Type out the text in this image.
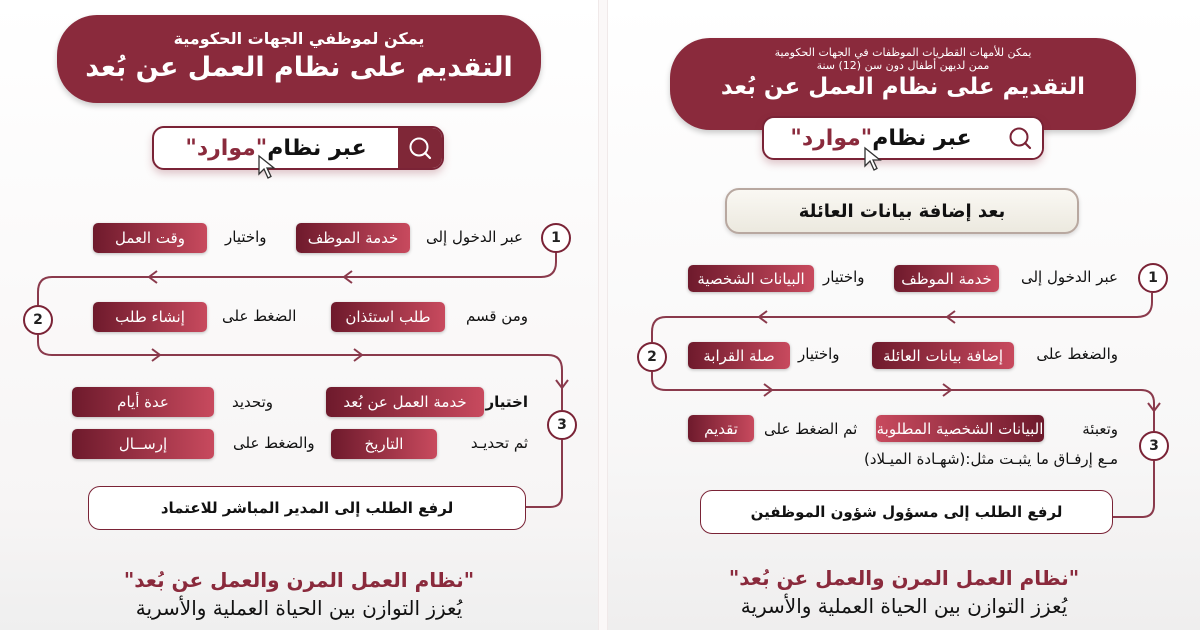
يمكن لموظفي الجهات الحكومية
التقديم على نظام العمل عن بُعد
عبر نظام
"موارد"
1
عبر الدخول إلى
خدمة الموظف
واختيار
وقت العمل
2	ومن قسم
طلب استئذان
الضغط على
إنشاء طلب
3
اختيار
خدمة العمل عن بُعد
وتحديد
عدة أيام
ثم تحديـد
التاريخ
والضغط على
إرســال
لرفع الطلب إلى المدير المباشر للاعتماد
"نظام العمل المرن والعمل عن بُعد"
يُعزز التوازن بين الحياة العملية والأسرية
يمكن للأمهات القطريات الموظفات في الجهات الحكومية
ممن لديهن أطفال دون سن (12) سنة
التقديم على نظام العمل عن بُعد
عبر نظام
"موارد"
بعد إضافة بيانات العائلة
1
عبر الدخول إلى
خدمة الموظف
واختيار
البيانات الشخصية
2	والضغط على
إضافة بيانات العائلة
واختيار
صلة القرابة
3
وتعبئة
البيانات الشخصية المطلوبة
ثم الضغط على
تقديم
مـع إرفـاق ما يثبـت مثل:(شهـادة الميـلاد)
لرفع الطلب إلى مسؤول شؤون الموظفين
"نظام العمل المرن والعمل عن بُعد"
يُعزز التوازن بين الحياة العملية والأسرية
